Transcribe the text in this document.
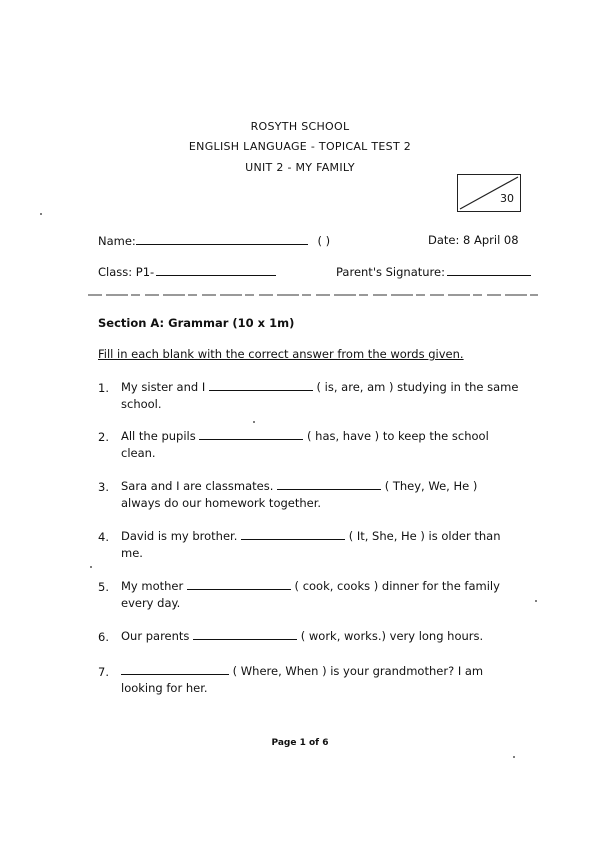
ROSYTH SCHOOL
ENGLISH LANGUAGE - TOPICAL TEST 2
UNIT 2 - MY FAMILY
30
Name:	( )	Date: 8 April 08
Class: P1-	Parent's Signature:
Section A: Grammar (10 x 1m)
Fill in each blank with the correct answer from the words given.
1. My sister and I	( is, are, am ) studying in the same
school.
2. All the pupils	( has, have ) to keep the school
clean.
3. Sara and I are classmates.	( They, We, He )
always do our homework together.
4. David is my brother.	( It, She, He ) is older than
me.
5. My mother	( cook, cooks ) dinner for the family
every day.
6. Our parents	( work, works.) very long hours.
7.	( Where, When ) is your grandmother? I am
looking for her.
Page 1 of 6
